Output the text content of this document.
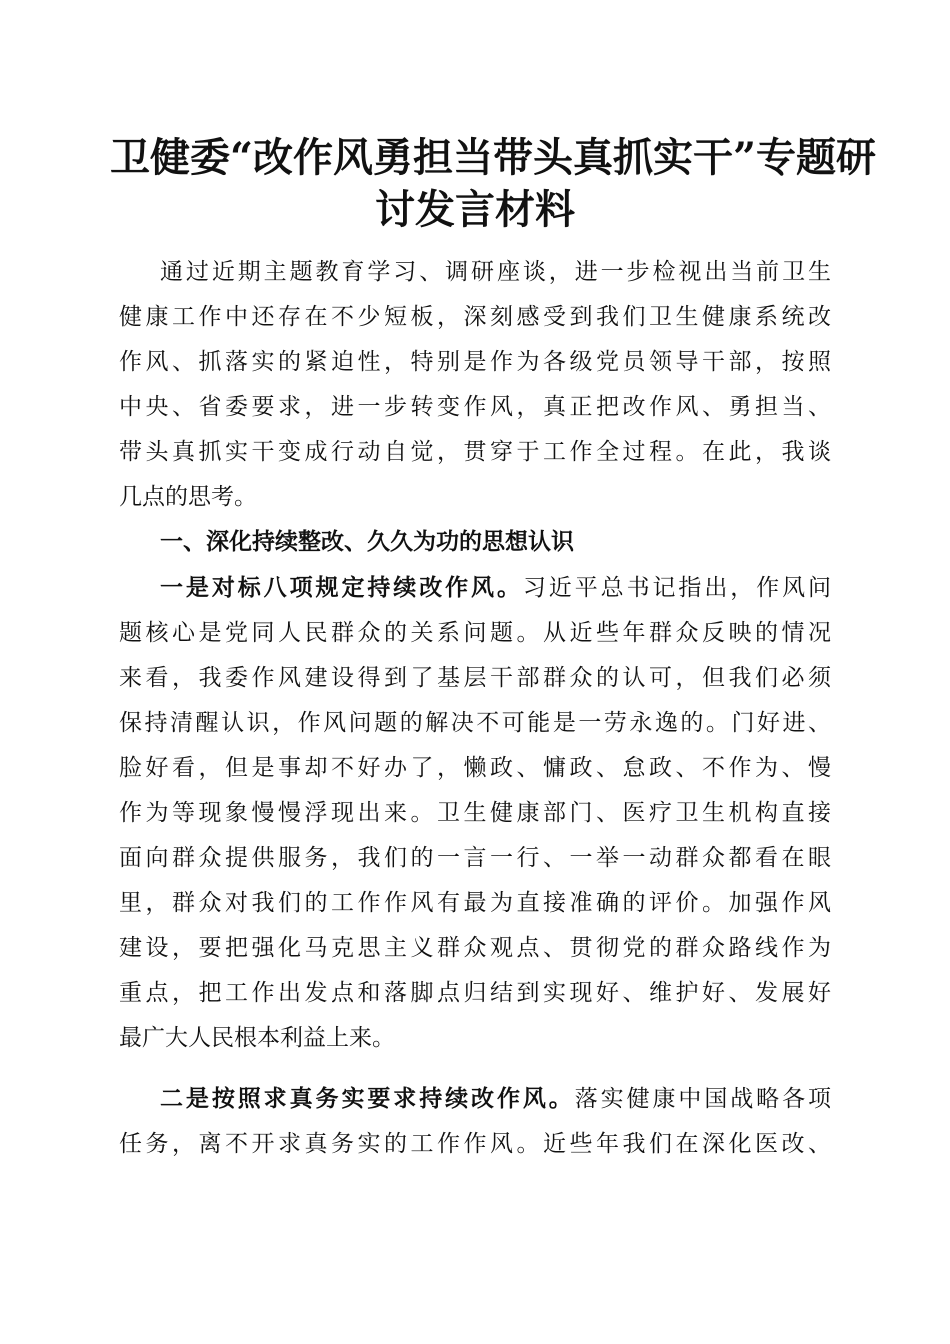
卫健委“改作风勇担当带头真抓实干”专题研
讨发言材料
通过近期主题教育学习、调研座谈，进一步检视出当前卫生
健康工作中还存在不少短板，深刻感受到我们卫生健康系统改
作风、抓落实的紧迫性，特别是作为各级党员领导干部，按照
中央、省委要求，进一步转变作风，真正把改作风、勇担当、
带头真抓实干变成行动自觉，贯穿于工作全过程。在此，我谈
几点的思考。
一、深化持续整改、久久为功的思想认识
一是对标八项规定持续改作风。习近平总书记指出，作风问
题核心是党同人民群众的关系问题。从近些年群众反映的情况
来看，我委作风建设得到了基层干部群众的认可，但我们必须
保持清醒认识，作风问题的解决不可能是一劳永逸的。门好进、
脸好看，但是事却不好办了，懒政、慵政、怠政、不作为、慢
作为等现象慢慢浮现出来。卫生健康部门、医疗卫生机构直接
面向群众提供服务，我们的一言一行、一举一动群众都看在眼
里，群众对我们的工作作风有最为直接准确的评价。加强作风
建设，要把强化马克思主义群众观点、贯彻党的群众路线作为
重点，把工作出发点和落脚点归结到实现好、维护好、发展好
最广大人民根本利益上来。
二是按照求真务实要求持续改作风。落实健康中国战略各项
任务，离不开求真务实的工作作风。近些年我们在深化医改、
